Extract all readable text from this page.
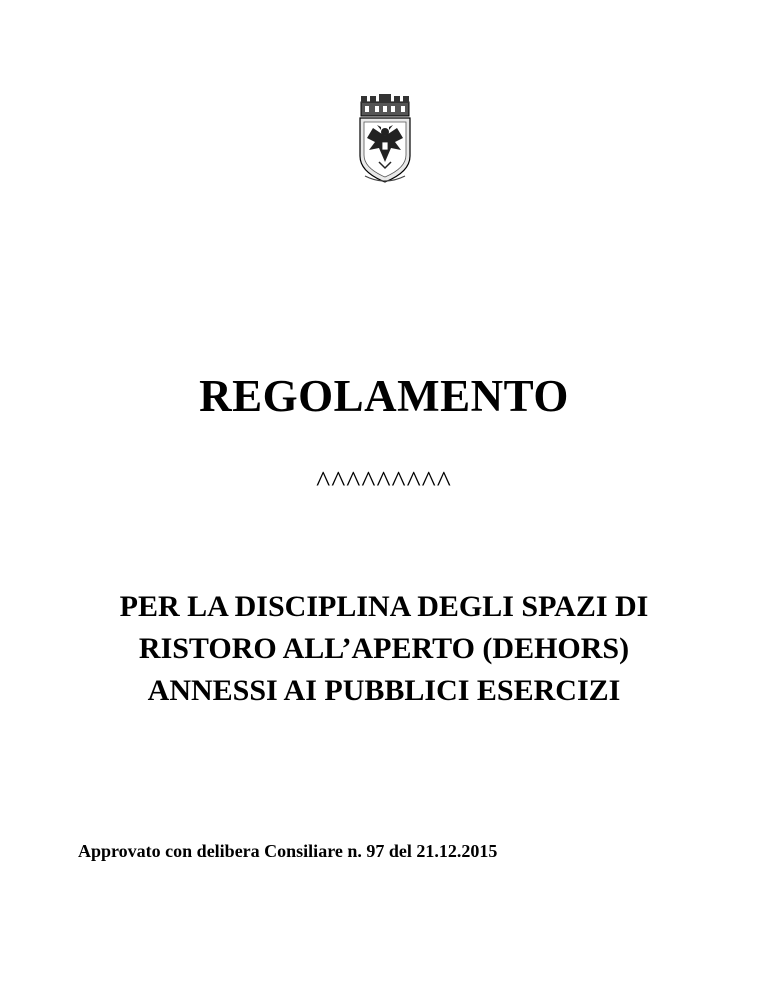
REGOLAMENTO
^^^^^^^^^
PER LA DISCIPLINA DEGLI SPAZI DI
RISTORO ALL’APERTO (DEHORS)
ANNESSI AI PUBBLICI ESERCIZI
Approvato con delibera Consiliare n. 97 del 21.12.2015
